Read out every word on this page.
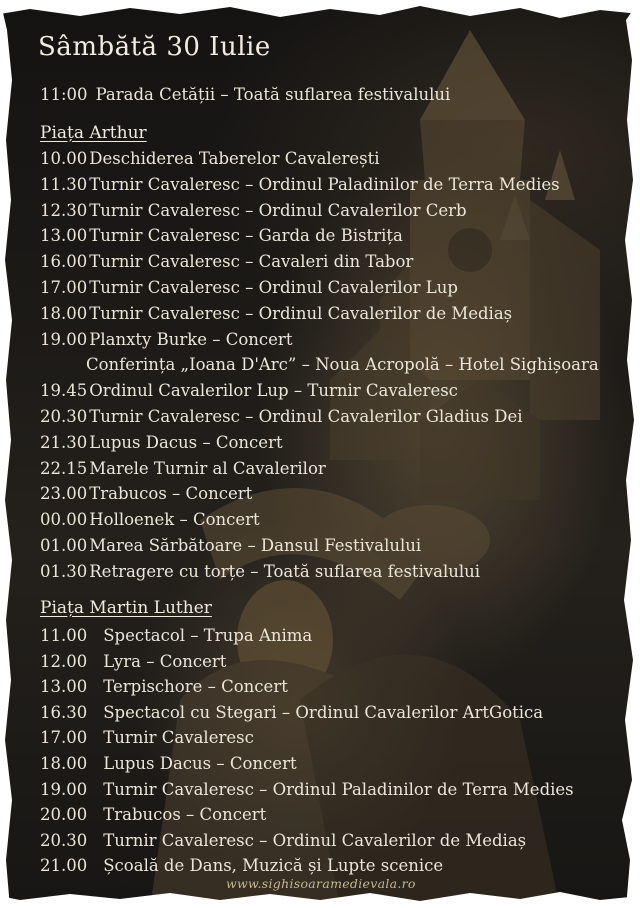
Sâmbătă 30 Iulie
11:00 Parada Cetății – Toată suflarea festivalului
Piața Arthur
10.00 Deschiderea Taberelor Cavalerești
11.30 Turnir Cavaleresc – Ordinul Paladinilor de Terra Medies
12.30 Turnir Cavaleresc – Ordinul Cavalerilor Cerb
13.00 Turnir Cavaleresc – Garda de Bistrița
16.00 Turnir Cavaleresc – Cavaleri din Tabor
17.00 Turnir Cavaleresc – Ordinul Cavalerilor Lup
18.00 Turnir Cavaleresc – Ordinul Cavalerilor de Mediaș
19.00 Planxty Burke – Concert
Conferința „Ioana D'Arc” – Noua Acropolă – Hotel Sighișoara
19.45 Ordinul Cavalerilor Lup – Turnir Cavaleresc
20.30 Turnir Cavaleresc – Ordinul Cavalerilor Gladius Dei
21.30 Lupus Dacus – Concert
22.15 Marele Turnir al Cavalerilor
23.00 Trabucos – Concert
00.00 Holloenek – Concert
01.00 Marea Sărbătoare – Dansul Festivalului
01.30 Retragere cu torțe – Toată suflarea festivalului
Piața Martin Luther
11.00 Spectacol – Trupa Anima
12.00 Lyra – Concert
13.00 Terpischore – Concert
16.30 Spectacol cu Stegari – Ordinul Cavalerilor ArtGotica
17.00 Turnir Cavaleresc
18.00 Lupus Dacus – Concert
19.00 Turnir Cavaleresc – Ordinul Paladinilor de Terra Medies
20.00 Trabucos – Concert
20.30 Turnir Cavaleresc – Ordinul Cavalerilor de Mediaș
21.00 Școală de Dans, Muzică și Lupte scenice
www.sighisoaramedievala.ro
